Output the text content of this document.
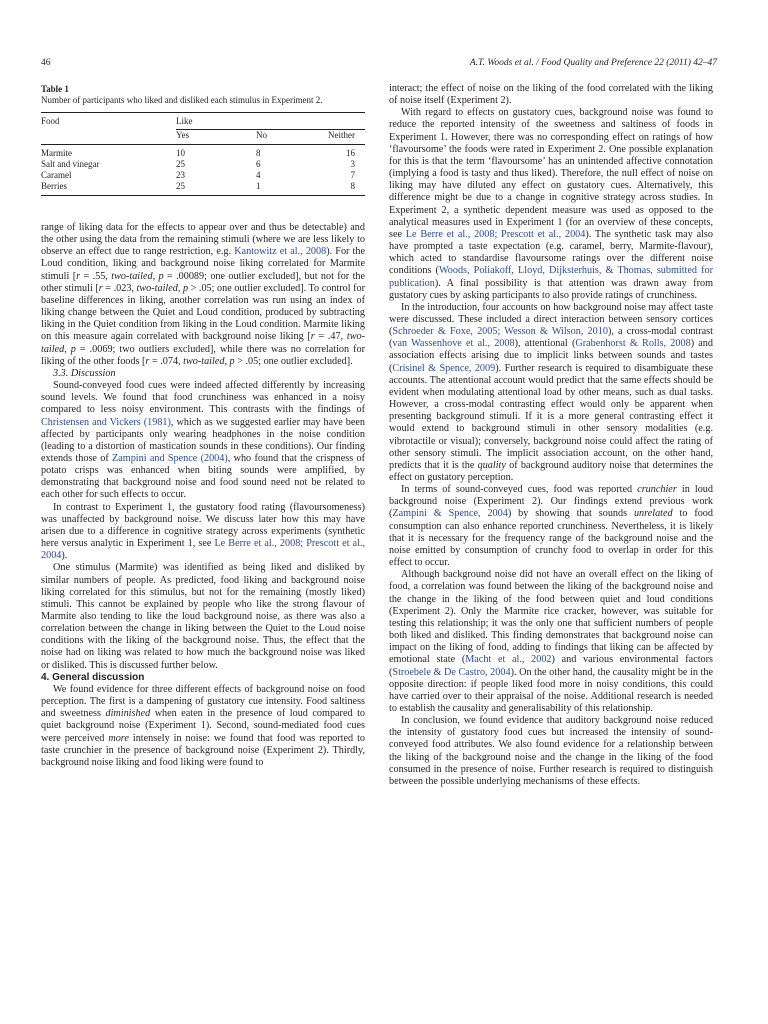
46	A.T. Woods et al. / Food Quality and Preference 22 (2011) 42–47
Table 1
Number of participants who liked and disliked each stimulus in Experiment 2.
Food	Like		
	Yes	No	Neither
Marmite	10	8	16
Salt and vinegar	25	6	3
Caramel	23	4	7
Berries	25	1	8

range of liking data for the effects to appear over and thus be detectable) and the other using the data from the remaining stimuli (where we are less likely to observe an effect due to range restriction, e.g. Kantowitz et al., 2008). For the Loud condition, liking and background noise liking correlated for Marmite stimuli [r = .55, two-tailed, p = .00089; one outlier excluded], but not for the other stimuli [r = .023, two-tailed, p > .05; one outlier excluded]. To control for baseline differences in liking, another correlation was run using an index of liking change between the Quiet and Loud condition, produced by subtracting liking in the Quiet condition from liking in the Loud condition. Marmite liking on this measure again correlated with background noise liking [r = .47, two-tailed, p = .0069; two outliers excluded], while there was no correlation for liking of the other foods [r = .074, two-tailed, p > .05; one outlier excluded].

3.3. Discussion

Sound-conveyed food cues were indeed affected differently by increasing sound levels. We found that food crunchiness was enhanced in a noisy compared to less noisy environment. This contrasts with the findings of Christensen and Vickers (1981), which as we suggested earlier may have been affected by participants only wearing headphones in the noise condition (leading to a distortion of mastication sounds in these conditions). Our finding extends those of Zampini and Spence (2004), who found that the crispness of potato crisps was enhanced when biting sounds were amplified, by demonstrating that background noise and food sound need not be related to each other for such effects to occur.

In contrast to Experiment 1, the gustatory food rating (flavoursomeness) was unaffected by background noise. We discuss later how this may have arisen due to a difference in cognitive strategy across experiments (synthetic here versus analytic in Experiment 1, see Le Berre et al., 2008; Prescott et al., 2004).

One stimulus (Marmite) was identified as being liked and disliked by similar numbers of people. As predicted, food liking and background noise liking correlated for this stimulus, but not for the remaining (mostly liked) stimuli. This cannot be explained by people who like the strong flavour of Marmite also tending to like the loud background noise, as there was also a correlation between the change in liking between the Quiet to the Loud noise conditions with the liking of the background noise. Thus, the effect that the noise had on liking was related to how much the background noise was liked or disliked. This is discussed further below.

4. General discussion

We found evidence for three different effects of background noise on food perception. The first is a dampening of gustatory cue intensity. Food saltiness and sweetness diminished when eaten in the presence of loud compared to quiet background noise (Experiment 1). Second, sound-mediated food cues were perceived more intensely in noise: we found that food was reported to taste crunchier in the presence of background noise (Experiment 2). Thirdly, background noise liking and food liking were found to

interact; the effect of noise on the liking of the food correlated with the liking of noise itself (Experiment 2).

With regard to effects on gustatory cues, background noise was found to reduce the reported intensity of the sweetness and saltiness of foods in Experiment 1. However, there was no corresponding effect on ratings of how ‘flavoursome’ the foods were rated in Experiment 2. One possible explanation for this is that the term ‘flavoursome’ has an unintended affective connotation (implying a food is tasty and thus liked). Therefore, the null effect of noise on liking may have diluted any effect on gustatory cues. Alternatively, this difference might be due to a change in cognitive strategy across studies. In Experiment 2, a synthetic dependent measure was used as opposed to the analytical measures used in Experiment 1 (for an overview of these concepts, see Le Berre et al., 2008; Prescott et al., 2004). The synthetic task may also have prompted a taste expectation (e.g. caramel, berry, Marmite-flavour), which acted to standardise flavoursome ratings over the different noise conditions (Woods, Poliakoff, Lloyd, Dijksterhuis, & Thomas, submitted for publication). A final possibility is that attention was drawn away from gustatory cues by asking participants to also provide ratings of crunchiness.

In the introduction, four accounts on how background noise may affect taste were discussed. These included a direct interaction between sensory cortices (Schroeder & Foxe, 2005; Wesson & Wilson, 2010), a cross-modal contrast (van Wassenhove et al., 2008), attentional (Grabenhorst & Rolls, 2008) and association effects arising due to implicit links between sounds and tastes (Crisinel & Spence, 2009). Further research is required to disambiguate these accounts. The attentional account would predict that the same effects should be evident when modulating attentional load by other means, such as dual tasks. However, a cross-modal contrasting effect would only be apparent when presenting background stimuli. If it is a more general contrasting effect it would extend to background stimuli in other sensory modalities (e.g. vibrotactile or visual); conversely, background noise could affect the rating of other sensory stimuli. The implicit association account, on the other hand, predicts that it is the quality of background auditory noise that determines the effect on gustatory perception.

In terms of sound-conveyed cues, food was reported crunchier in loud background noise (Experiment 2). Our findings extend previous work (Zampini & Spence, 2004) by showing that sounds unrelated to food consumption can also enhance reported crunchiness. Nevertheless, it is likely that it is necessary for the frequency range of the background noise and the noise emitted by consumption of crunchy food to overlap in order for this effect to occur.

Although background noise did not have an overall effect on the liking of food, a correlation was found between the liking of the background noise and the change in the liking of the food between quiet and loud conditions (Experiment 2). Only the Marmite rice cracker, however, was suitable for testing this relationship; it was the only one that sufficient numbers of people both liked and disliked. This finding demonstrates that background noise can impact on the liking of food, adding to findings that liking can be affected by emotional state (Macht et al., 2002) and various environmental factors (Stroebele & De Castro, 2004). On the other hand, the causality might be in the opposite direction: if people liked food more in noisy conditions, this could have carried over to their appraisal of the noise. Additional research is needed to establish the causality and generalisability of this relationship.

In conclusion, we found evidence that auditory background noise reduced the intensity of gustatory food cues but increased the intensity of sound-conveyed food attributes. We also found evidence for a relationship between the liking of the background noise and the change in the liking of the food consumed in the presence of noise. Further research is required to distinguish between the possible underlying mechanisms of these effects.
